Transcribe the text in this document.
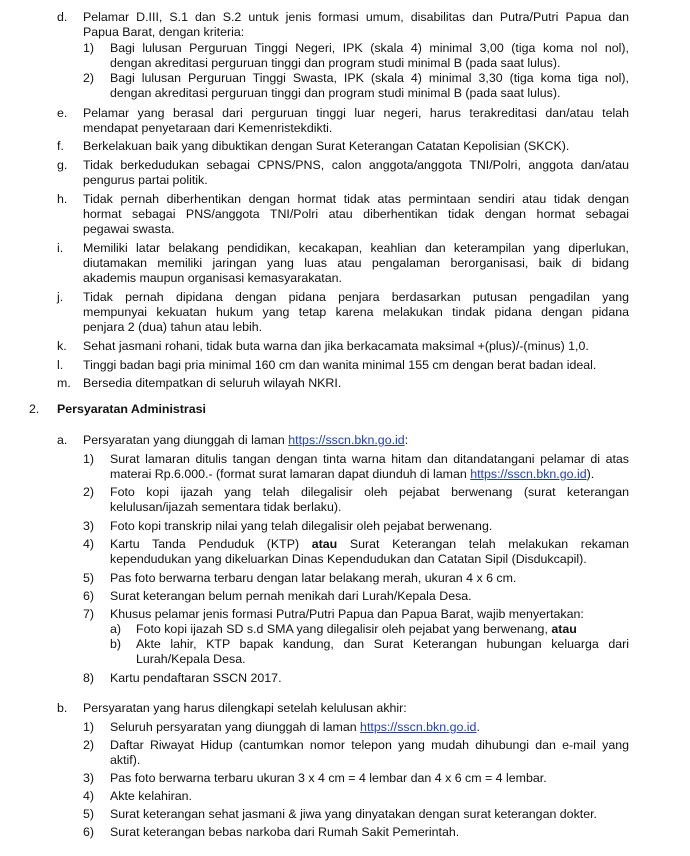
d. Pelamar D.III, S.1 dan S.2 untuk jenis formasi umum, disabilitas dan Putra/Putri Papua dan
Papua Barat, dengan kriteria:
1) Bagi lulusan Perguruan Tinggi Negeri, IPK (skala 4) minimal 3,00 (tiga koma nol nol),
dengan akreditasi perguruan tinggi dan program studi minimal B (pada saat lulus).
2) Bagi lulusan Perguruan Tinggi Swasta, IPK (skala 4) minimal 3,30 (tiga koma tiga nol),
dengan akreditasi perguruan tinggi dan program studi minimal B (pada saat lulus).
e. Pelamar yang berasal dari perguruan tinggi luar negeri, harus terakreditasi dan/atau telah
mendapat penyetaraan dari Kemenristekdikti.
f. Berkelakuan baik yang dibuktikan dengan Surat Keterangan Catatan Kepolisian (SKCK).
g. Tidak berkedudukan sebagai CPNS/PNS, calon anggota/anggota TNI/Polri, anggota dan/atau
pengurus partai politik.
h. Tidak pernah diberhentikan dengan hormat tidak atas permintaan sendiri atau tidak dengan
hormat sebagai PNS/anggota TNI/Polri atau diberhentikan tidak dengan hormat sebagai
pegawai swasta.
i. Memiliki latar belakang pendidikan, kecakapan, keahlian dan keterampilan yang diperlukan,
diutamakan memiliki jaringan yang luas atau pengalaman berorganisasi, baik di bidang
akademis maupun organisasi kemasyarakatan.
j. Tidak pernah dipidana dengan pidana penjara berdasarkan putusan pengadilan yang
mempunyai kekuatan hukum yang tetap karena melakukan tindak pidana dengan pidana
penjara 2 (dua) tahun atau lebih.
k. Sehat jasmani rohani, tidak buta warna dan jika berkacamata maksimal +(plus)/-(minus) 1,0.
l. Tinggi badan bagi pria minimal 160 cm dan wanita minimal 155 cm dengan berat badan ideal.
m. Bersedia ditempatkan di seluruh wilayah NKRI.
2. Persyaratan Administrasi
a. Persyaratan yang diunggah di laman https://sscn.bkn.go.id:
1) Surat lamaran ditulis tangan dengan tinta warna hitam dan ditandatangani pelamar di atas
materai Rp.6.000.- (format surat lamaran dapat diunduh di laman https://sscn.bkn.go.id).
2) Foto kopi ijazah yang telah dilegalisir oleh pejabat berwenang (surat keterangan
kelulusan/ijazah sementara tidak berlaku).
3) Foto kopi transkrip nilai yang telah dilegalisir oleh pejabat berwenang.
4) Kartu Tanda Penduduk (KTP) atau Surat Keterangan telah melakukan rekaman
kependudukan yang dikeluarkan Dinas Kependudukan dan Catatan Sipil (Disdukcapil).
5) Pas foto berwarna terbaru dengan latar belakang merah, ukuran 4 x 6 cm.
6) Surat keterangan belum pernah menikah dari Lurah/Kepala Desa.
7) Khusus pelamar jenis formasi Putra/Putri Papua dan Papua Barat, wajib menyertakan:
a) Foto kopi ijazah SD s.d SMA yang dilegalisir oleh pejabat yang berwenang, atau
b) Akte lahir, KTP bapak kandung, dan Surat Keterangan hubungan keluarga dari
Lurah/Kepala Desa.
8) Kartu pendaftaran SSCN 2017.
b. Persyaratan yang harus dilengkapi setelah kelulusan akhir:
1) Seluruh persyaratan yang diunggah di laman https://sscn.bkn.go.id.
2) Daftar Riwayat Hidup (cantumkan nomor telepon yang mudah dihubungi dan e-mail yang
aktif).
3) Pas foto berwarna terbaru ukuran 3 x 4 cm = 4 lembar dan 4 x 6 cm = 4 lembar.
4) Akte kelahiran.
5) Surat keterangan sehat jasmani & jiwa yang dinyatakan dengan surat keterangan dokter.
6) Surat keterangan bebas narkoba dari Rumah Sakit Pemerintah.
